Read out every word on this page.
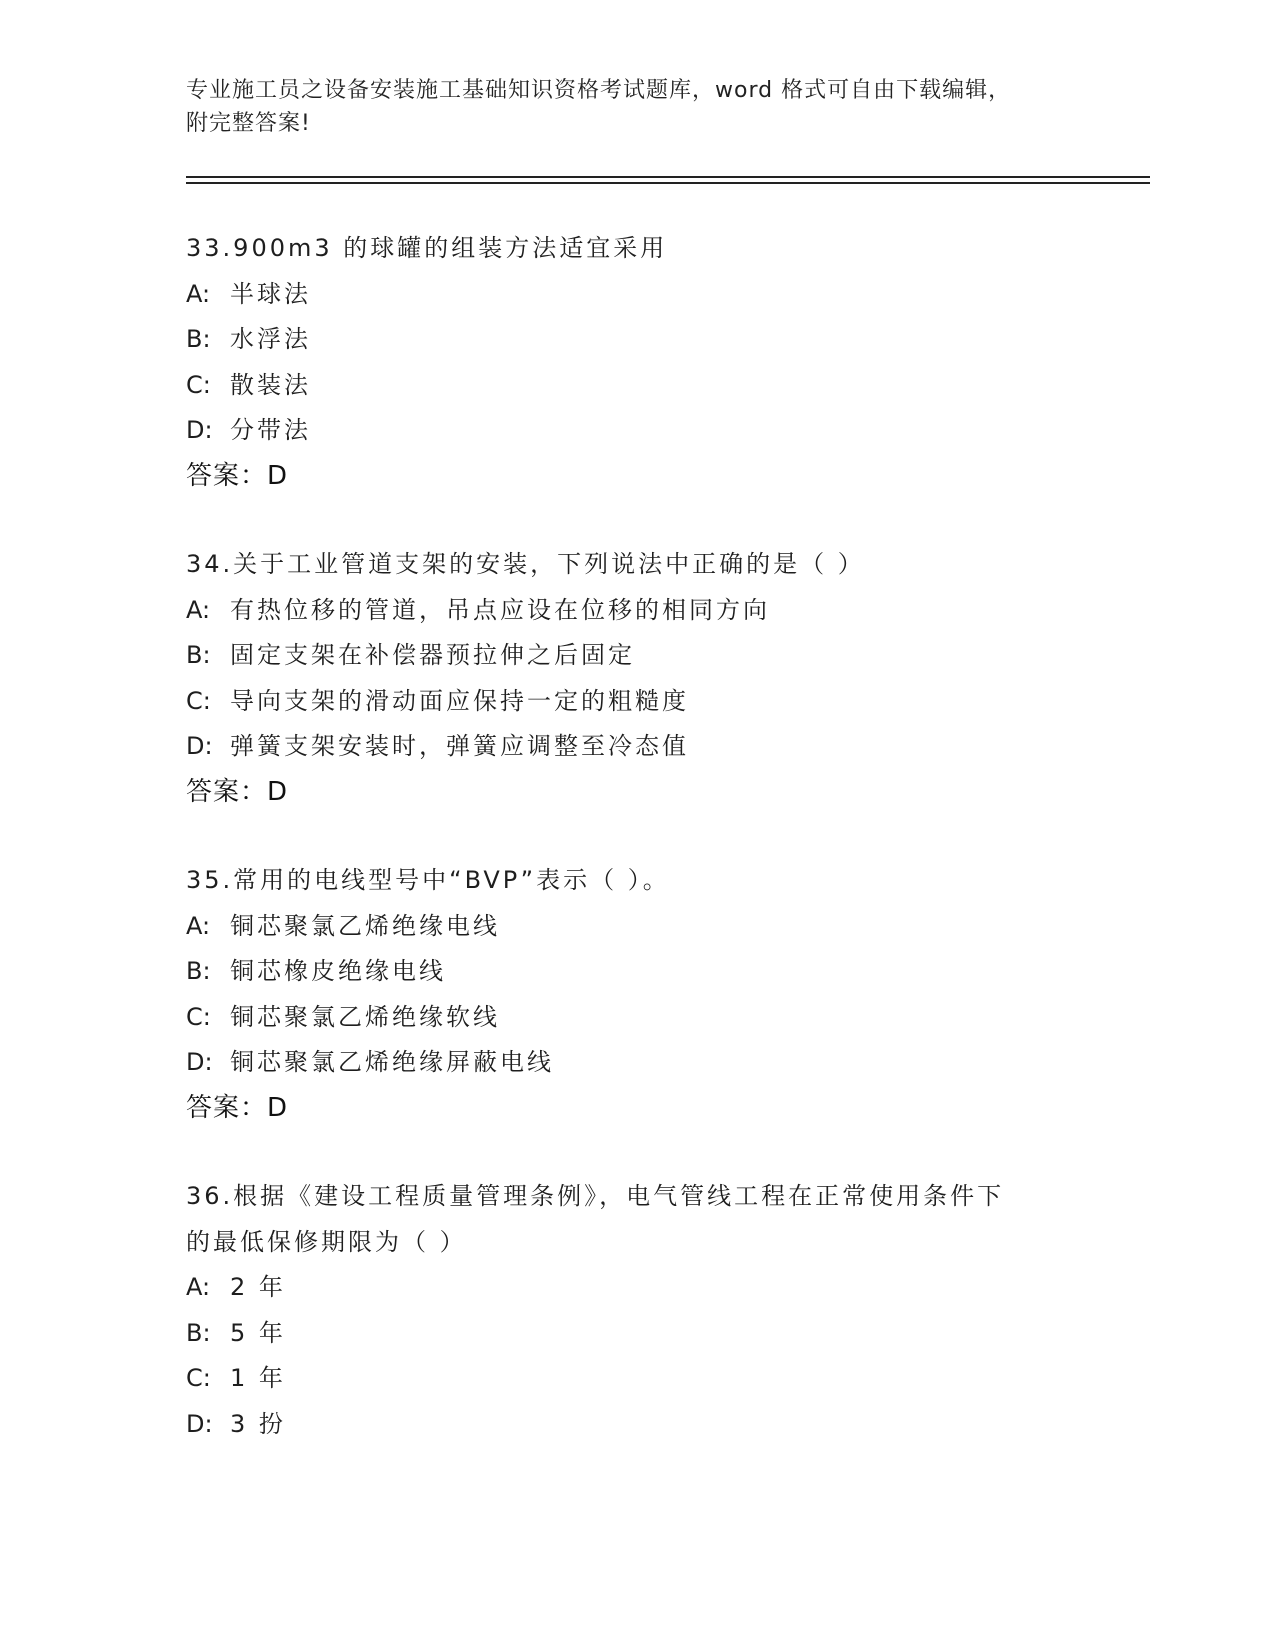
专业施工员之设备安装施工基础知识资格考试题库，word 格式可自由下载编辑，
附完整答案!
33.900m3 的球罐的组装方法适宜采用
A: 半球法
B: 水浮法
C: 散装法
D: 分带法
答案：D
34.关于工业管道支架的安装，下列说法中正确的是（ ）
A: 有热位移的管道，吊点应设在位移的相同方向
B: 固定支架在补偿器预拉伸之后固定
C: 导向支架的滑动面应保持一定的粗糙度
D: 弹簧支架安装时，弹簧应调整至冷态值
答案：D
35.常用的电线型号中“BVP”表示（ ）。
A: 铜芯聚氯乙烯绝缘电线
B: 铜芯橡皮绝缘电线
C: 铜芯聚氯乙烯绝缘软线
D: 铜芯聚氯乙烯绝缘屏蔽电线
答案：D
36.根据《建设工程质量管理条例》，电气管线工程在正常使用条件下
的最低保修期限为（ ）
A: 2 年
B: 5 年
C: 1 年
D: 3 扮
